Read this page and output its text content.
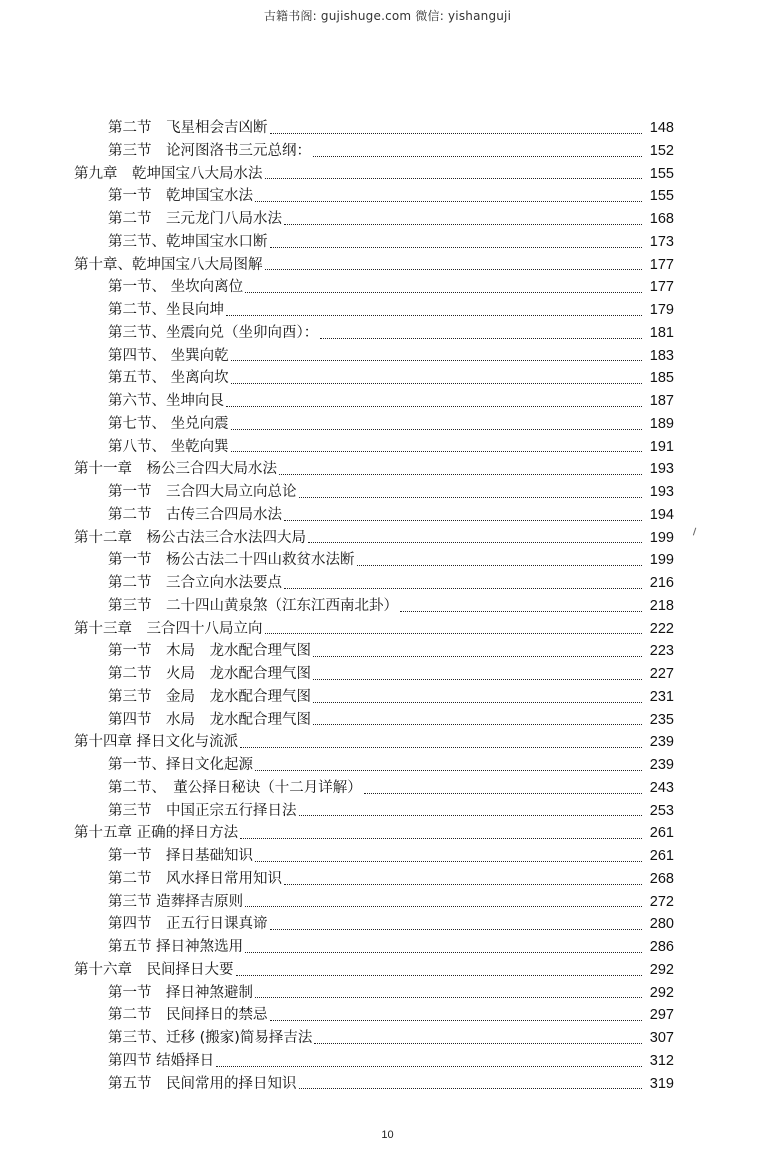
古籍书阁: gujishuge.com 微信: yishanguji
第二节　飞星相会吉凶断	148
第三节　论河图洛书三元总纲：	152
第九章　乾坤国宝八大局水法	155
第一节　乾坤国宝水法	155
第二节　三元龙门八局水法	168
第三节、乾坤国宝水口断	173
第十章、乾坤国宝八大局图解	177
第一节、 坐坎向离位	177
第二节、坐艮向坤	179
第三节、坐震向兑（坐卯向酉）：	181
第四节、 坐巽向乾	183
第五节、 坐离向坎	185
第六节、坐坤向艮	187
第七节、 坐兑向震	189
第八节、 坐乾向巽	191
第十一章　杨公三合四大局水法	193
第一节　三合四大局立向总论	193
第二节　古传三合四局水法	194
第十二章　杨公古法三合水法四大局	199
第一节　杨公古法二十四山救贫水法断	199
第二节　三合立向水法要点	216
第三节　二十四山黄泉煞（江东江西南北卦）	218
第十三章　三合四十八局立向	222
第一节　木局　龙水配合理气图	223
第二节　火局　龙水配合理气图	227
第三节　金局　龙水配合理气图	231
第四节　水局　龙水配合理气图	235
第十四章 择日文化与流派	239
第一节、择日文化起源	239
第二节、　董公择日秘诀（十二月详解）	243
第三节　中国正宗五行择日法	253
第十五章 正确的择日方法	261
第一节　择日基础知识	261
第二节　风水择日常用知识	268
第三节 造葬择吉原则	272
第四节　正五行日课真谛	280
第五节 择日神煞选用	286
第十六章　民间择日大要	292
第一节　择日神煞避制	292
第二节　民间择日的禁忌	297
第三节、迁移 (搬家)简易择吉法	307
第四节 结婚择日	312
第五节　民间常用的择日知识	319
10
